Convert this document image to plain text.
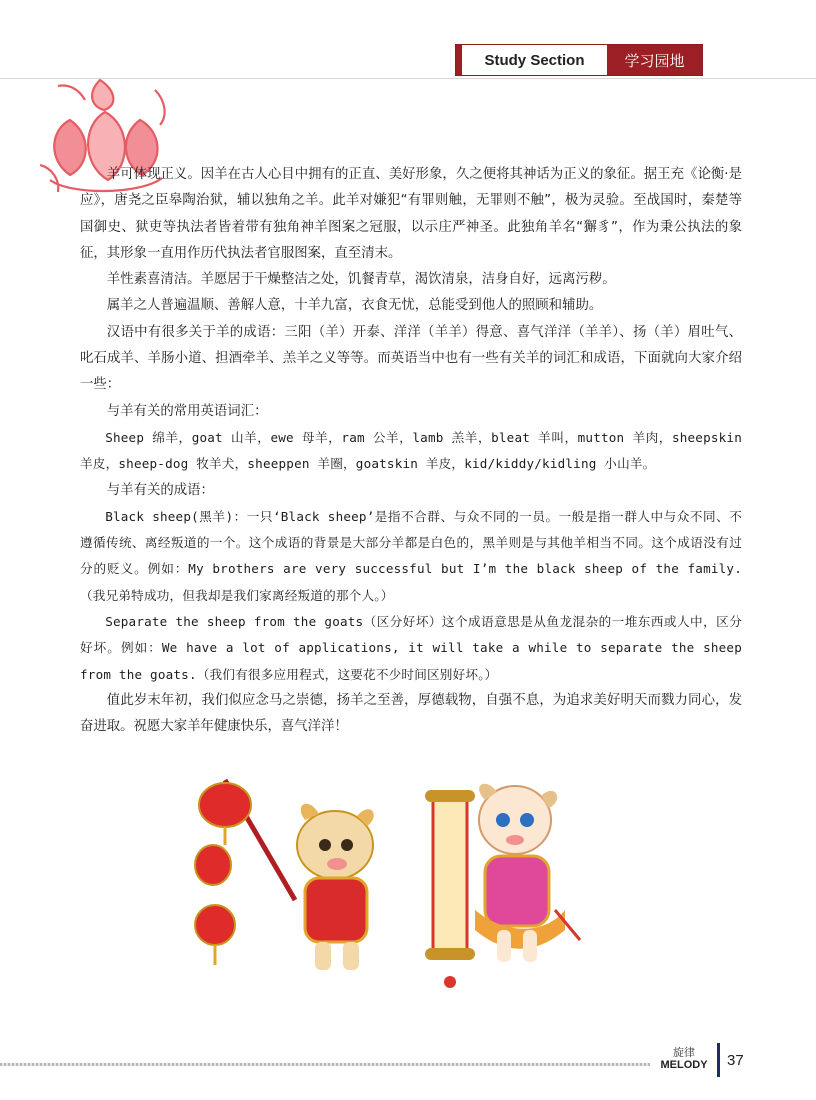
Study Section	学习园地

羊可体现正义。因羊在古人心目中拥有的正直、美好形象，久之便将其神话为正义的象征。据王充《论衡·是应》，唐尧之臣皋陶治狱，辅以独角之羊。此羊对嫌犯“有罪则触，无罪则不触”，极为灵验。至战国时，秦楚等国御史、狱吏等执法者皆着带有独角神羊图案之冠服，以示庄严神圣。此独角羊名“獬豸”，作为秉公执法的象征，其形象一直用作历代执法者官服图案，直至清末。

羊性素喜清洁。羊愿居于干燥整洁之处，饥餐青草，渴饮清泉，洁身自好，远离污秽。

属羊之人普遍温顺、善解人意，十羊九富，衣食无忧，总能受到他人的照顾和辅助。

汉语中有很多关于羊的成语：三阳（羊）开泰、洋洋（羊羊）得意、喜气洋洋（羊羊）、扬（羊）眉吐气、叱石成羊、羊肠小道、担酒牵羊、羔羊之义等等。而英语当中也有一些有关羊的词汇和成语，下面就向大家介绍一些：

与羊有关的常用英语词汇：

Sheep 绵羊，goat 山羊，ewe 母羊，ram 公羊，lamb 羔羊，bleat 羊叫，mutton 羊肉，sheepskin 羊皮，sheep-dog 牧羊犬，sheeppen 羊圈，goatskin 羊皮，kid/kiddy/kidling 小山羊。

与羊有关的成语：

Black sheep(黑羊)：一只‘Black sheep’是指不合群、与众不同的一员。一般是指一群人中与众不同、不遵循传统、离经叛道的一个。这个成语的背景是大部分羊都是白色的，黑羊则是与其他羊相当不同。这个成语没有过分的贬义。例如：My brothers are very successful but I’m the black sheep of the family.（我兄弟特成功，但我却是我们家离经叛道的那个人。）

Separate the sheep from the goats（区分好坏）这个成语意思是从鱼龙混杂的一堆东西或人中，区分好坏。例如：We have a lot of applications, it will take a while to separate the sheep from the goats.（我们有很多应用程式，这要花不少时间区别好坏。）

值此岁末年初，我们似应念马之崇德，扬羊之至善，厚德载物，自强不息，为追求美好明天而戮力同心，发奋进取。祝愿大家羊年健康快乐，喜气洋洋！

旋律
MELODY	37
